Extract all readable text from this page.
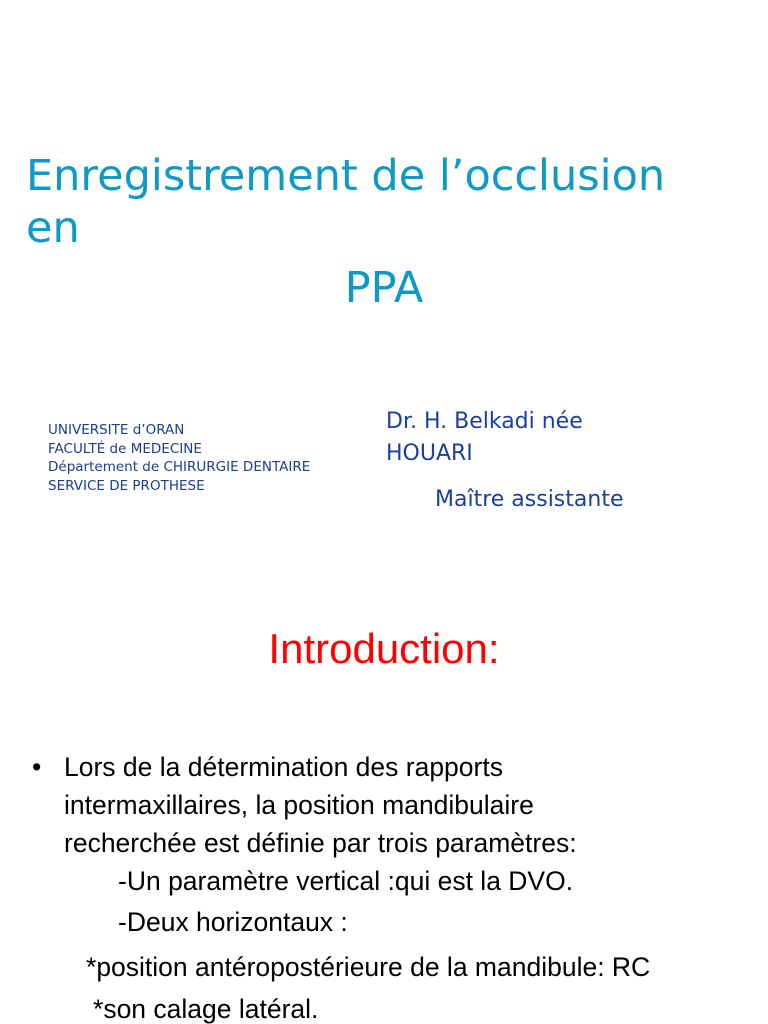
Enregistrement de l’occlusion
en
PPA
UNIVERSITE d’ORAN
FACULTÉ de MEDECINE
Département de CHIRURGIE DENTAIRE
SERVICE DE PROTHESE
Dr. H. Belkadi née
HOUARI
Maître assistante
Introduction:
• Lors de la détermination des rapports
intermaxillaires, la position mandibulaire
recherchée est définie par trois paramètres:
-Un paramètre vertical :qui est la DVO.
-Deux horizontaux :
*position antéropostérieure de la mandibule: RC
*son calage latéral.
